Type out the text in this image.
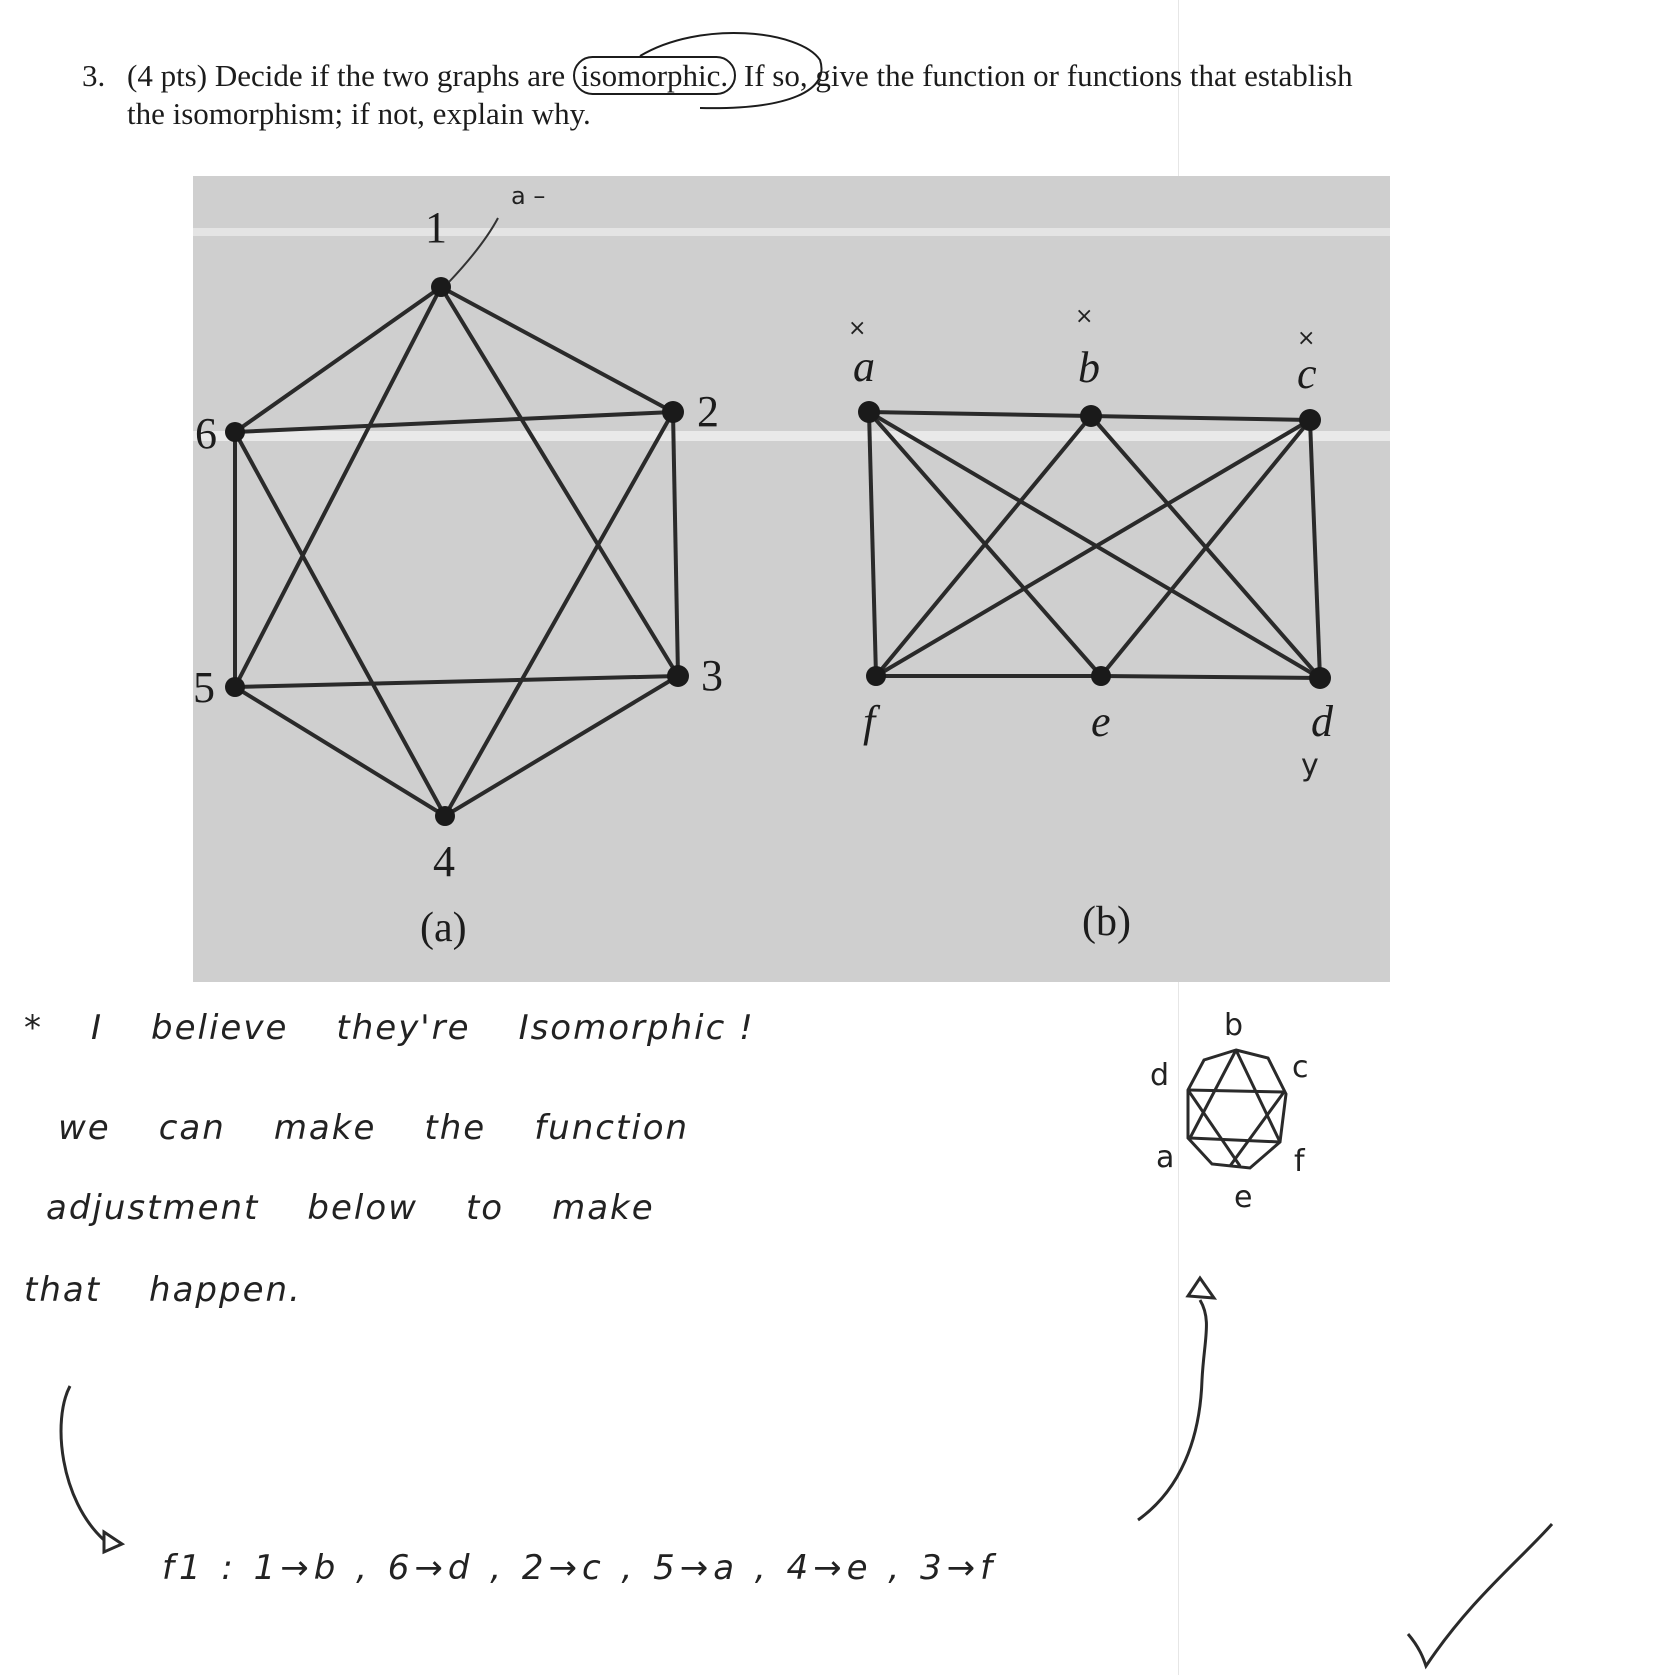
3. (4 pts) Decide if the two graphs are isomorphic. If so, give the function or functions that establish
the isomorphism; if not, explain why.
1
2
3
4
5
6
a	b	c
d
e
f
a –
×	×
×
y
(a)	(b)
* I believe they're Isomorphic !
we can make the function
adjustment below to make
that happen.
f1 : 1→b , 6→d , 2→c , 5→a , 4→e , 3→f
b
c
d
a	f
e
